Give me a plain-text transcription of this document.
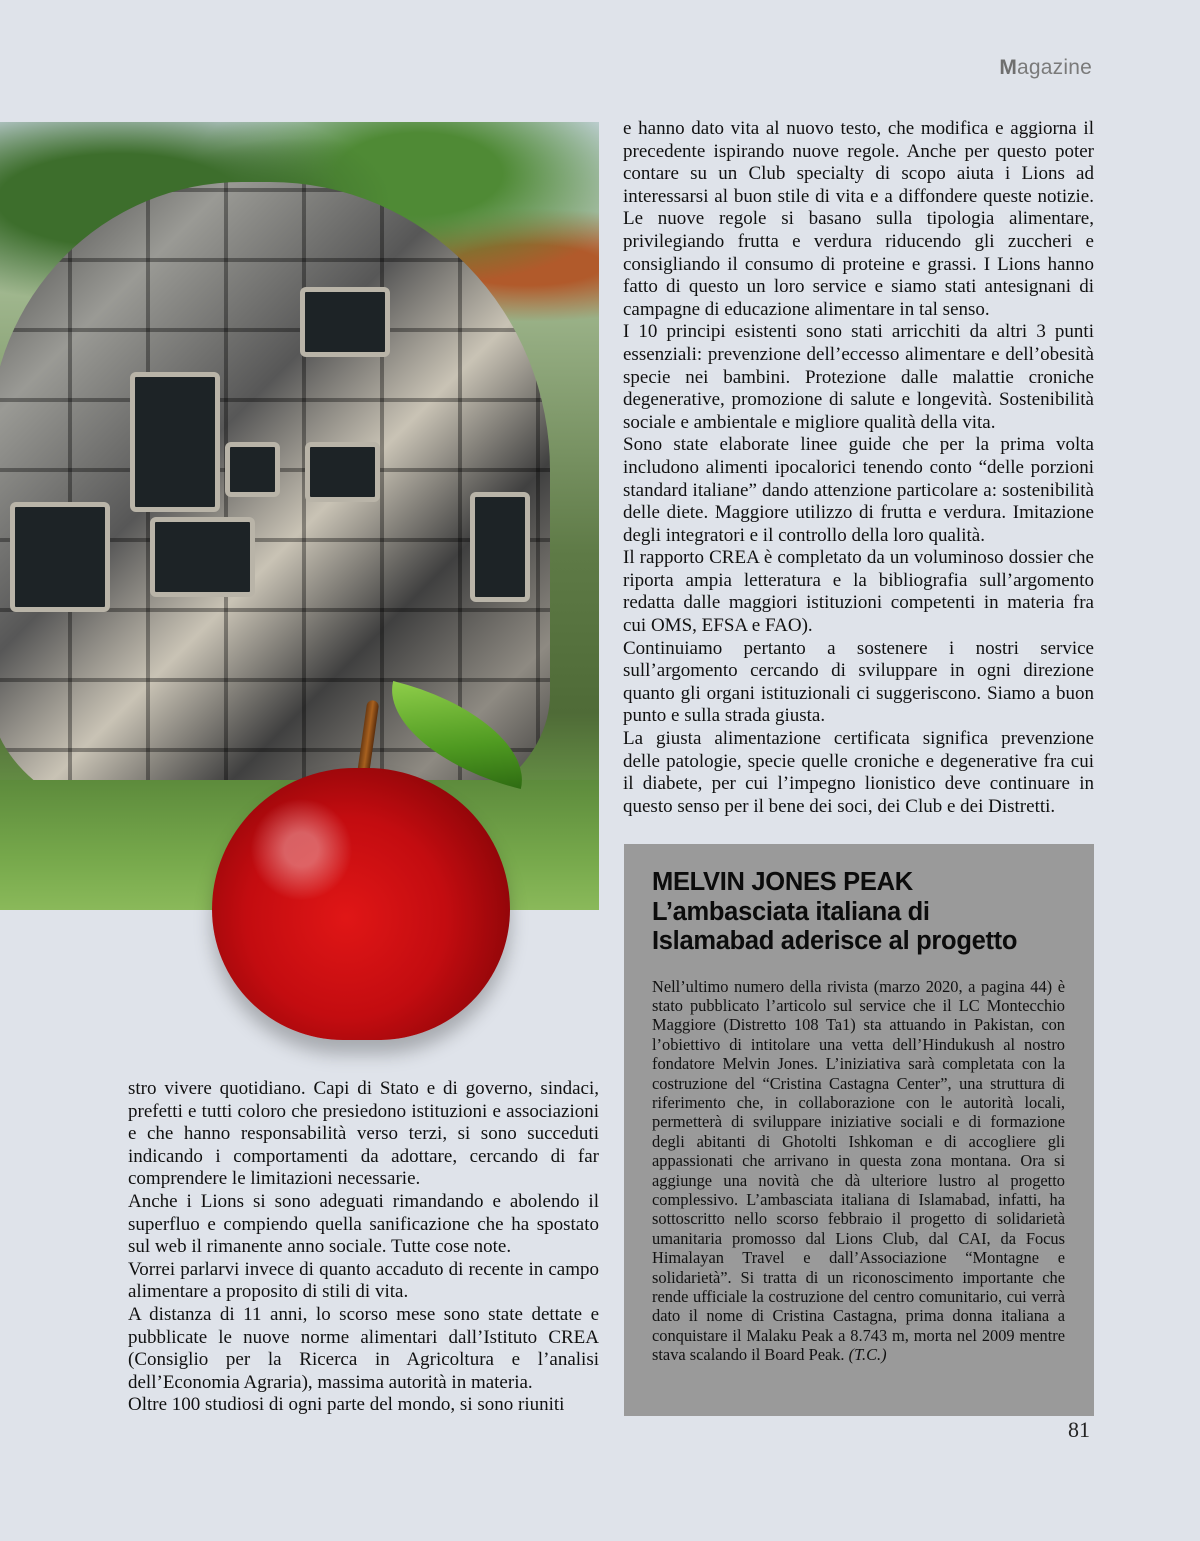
Magazine

e hanno dato vita al nuovo testo, che modifica e aggiorna il precedente ispirando nuove regole. Anche per questo poter contare su un Club specialty di scopo aiuta i Lions ad interessarsi al buon stile di vita e a diffondere queste notizie. Le nuove regole si basano sulla tipologia alimentare, privilegiando frutta e verdura riducendo gli zuccheri e consigliando il consumo di proteine e grassi. I Lions hanno fatto di questo un loro service e siamo stati antesignani di campagne di educazione alimentare in tal senso.

I 10 principi esistenti sono stati arricchiti da altri 3 punti essenziali: prevenzione dell’eccesso alimentare e dell’obesità specie nei bambini. Protezione dalle malattie croniche degenerative, promozione di salute e longevità. Sostenibilità sociale e ambientale e migliore qualità della vita.

Sono state elaborate linee guide che per la prima volta includono alimenti ipocalorici tenendo conto “delle porzioni standard italiane” dando attenzione particolare a: sostenibilità delle diete. Maggiore utilizzo di frutta e verdura. Imitazione degli integratori e il controllo della loro qualità.

Il rapporto CREA è completato da un voluminoso dossier che riporta ampia letteratura e la bibliografia sull’argomento redatta dalle maggiori istituzioni competenti in materia fra cui OMS, EFSA e FAO).

Continuiamo pertanto a sostenere i nostri service sull’argomento cercando di sviluppare in ogni direzione quanto gli organi istituzionali ci suggeriscono. Siamo a buon punto e sulla strada giusta.

La giusta alimentazione certificata significa prevenzione delle patologie, specie quelle croniche e degenerative fra cui il diabete, per cui l’impegno lionistico deve continuare in questo senso per il bene dei soci, dei Club e dei Distretti.

MELVIN JONES PEAK
L’ambasciata italiana di
Islamabad aderisce al progetto
Nell’ultimo numero della rivista (marzo 2020, a pagina 44) è stato pubblicato l’articolo sul service che il LC Montecchio Maggiore (Distretto 108 Ta1) sta attuando in Pakistan, con l’obiettivo di intitolare una vetta dell’Hindukush al nostro fondatore Melvin Jones. L’iniziativa sarà completata con la costruzione del “Cristina Castagna Center”, una struttura di riferimento che, in collaborazione con le autorità locali, permetterà di sviluppare iniziative sociali e di formazione degli abitanti di Ghotolti Ishkoman e di accogliere gli appassionati che arrivano in questa zona montana. Ora si aggiunge una novità che dà ulteriore lustro al progetto complessivo. L’ambasciata italiana di Islamabad, infatti, ha sottoscritto nello scorso febbraio il progetto di solidarietà umanitaria promosso dal Lions Club, dal CAI, da Focus Himalayan Travel e dall’Associazione “Montagne e solidarietà”. Si tratta di un riconoscimento importante che rende ufficiale la costruzione del centro comunitario, cui verrà dato il nome di Cristina Castagna, prima donna italiana a conquistare il Malaku Peak a 8.743 m, morta nel 2009 mentre stava scalando il Board Peak. (T.C.)

stro vivere quotidiano. Capi di Stato e di governo, sindaci, prefetti e tutti coloro che presiedono istituzioni e associazioni e che hanno responsabilità verso terzi, si sono succeduti indicando i comportamenti da adottare, cercando di far comprendere le limitazioni necessarie.

Anche i Lions si sono adeguati rimandando e abolendo il superfluo e compiendo quella sanificazione che ha spostato sul web il rimanente anno sociale. Tutte cose note.

Vorrei parlarvi invece di quanto accaduto di recente in campo alimentare a proposito di stili di vita.

A distanza di 11 anni, lo scorso mese sono state dettate e pubblicate le nuove norme alimentari dall’Istituto CREA (Consiglio per la Ricerca in Agricoltura e l’analisi dell’Economia Agraria), massima autorità in materia.

Oltre 100 studiosi di ogni parte del mondo, si sono riuniti

81
